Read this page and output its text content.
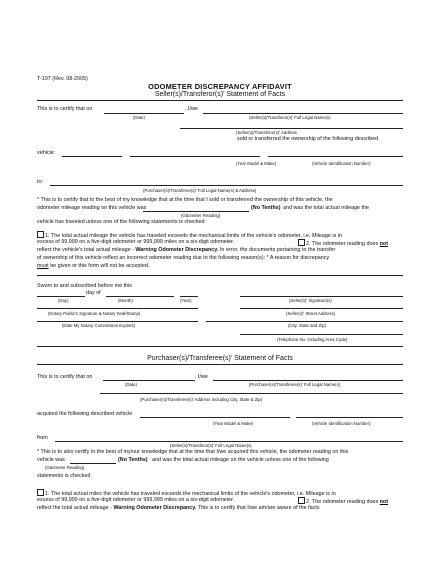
T-107 (Rev. 08-2005)
ODOMETER DISCREPANCY AFFIDAVIT
Seller(s)/Transferor(s)' Statement of Facts
This is to certify that on	, I/we
(Date)	(Seller(s)/Transferor(s)' Full Legal Name(s)
(Seller(s)/Transferor(s)' Address
sold or transferred the ownership of the following described
vehicle:
(Year Model & Make)	(Vehicle Identification Number)
to:
(Purchaser(s)/Transferee(s)' Full Legal Name(s) & Address)
* This is to certify that to the best of my knowledge that at the time that I sold or transferred the ownership of this vehicle, the
odometer mileage reading on this vehicle was	(No Tenths) and was the total actual mileage the
(Odometer Reading)
vehicle has traveled unless one of the following statements is checked:
1. The total actual mileage the vehicle has traveled exceeds the mechanical limits of the vehicle's odometer, i.e. Mileage is in
excess of 99,999 on a five-digit odometer or 999,999 miles on a six-digit odometer.	2. The odometer reading does not
reflect the vehicle's total actual mileage - Warning Odometer Discrepancy. In error, the documents pertaining to the transfer
of ownership of this vehicle reflect an incorrect odometer reading due to the following reason(s): * A reason for discrepancy
must be given or this form will not be accepted.
Sworn to and subscribed before me this
day of
(Day)	(Month)	(Year)	(Seller(s)' Signature(s)
(Notary Public's Signature & Notary Seal/Stamp)	(Seller(s)' Street Address)
(Date My Notary Commission Expires)	(City, State and Zip)
(Telephone No. Including Area Code)
Purchaser(s)/Transferee(s)' Statement of Facts
This is to certify that on	, I/we
(Date)	(Purchaser(s)/Transferee(s)' Full Legal Name(s)
(Purchaser(s)/Transferee(s)' Address Including City, State & Zip)
acquired the following described vehicle
(Year Model & Make)	(Vehicle Identification Number)
from
(Seller(s)/Transferor(s)' Full Legal Name(s)
* This is to also certify to the best of my/our knowledge that at the time that I/we acquired this vehicle, the odometer reading on this
vehicle was	(No Tenths) and was the total actual mileage on the vehicle unless one of the following
(Odometer Reading)
statements is checked
1. The total actual miles the vehicle has traveled exceeds the mechanical limits of the vehicle's odometer, i.e. Mileage is in
excess of 99,999 on a five-digit odometer or 999,999 miles on a six-digit odometer.	2. The odometer reading does not
reflect the total actual mileage - Warning Odometer Discrepancy. This is to certify that I/we am/are aware of the facts
